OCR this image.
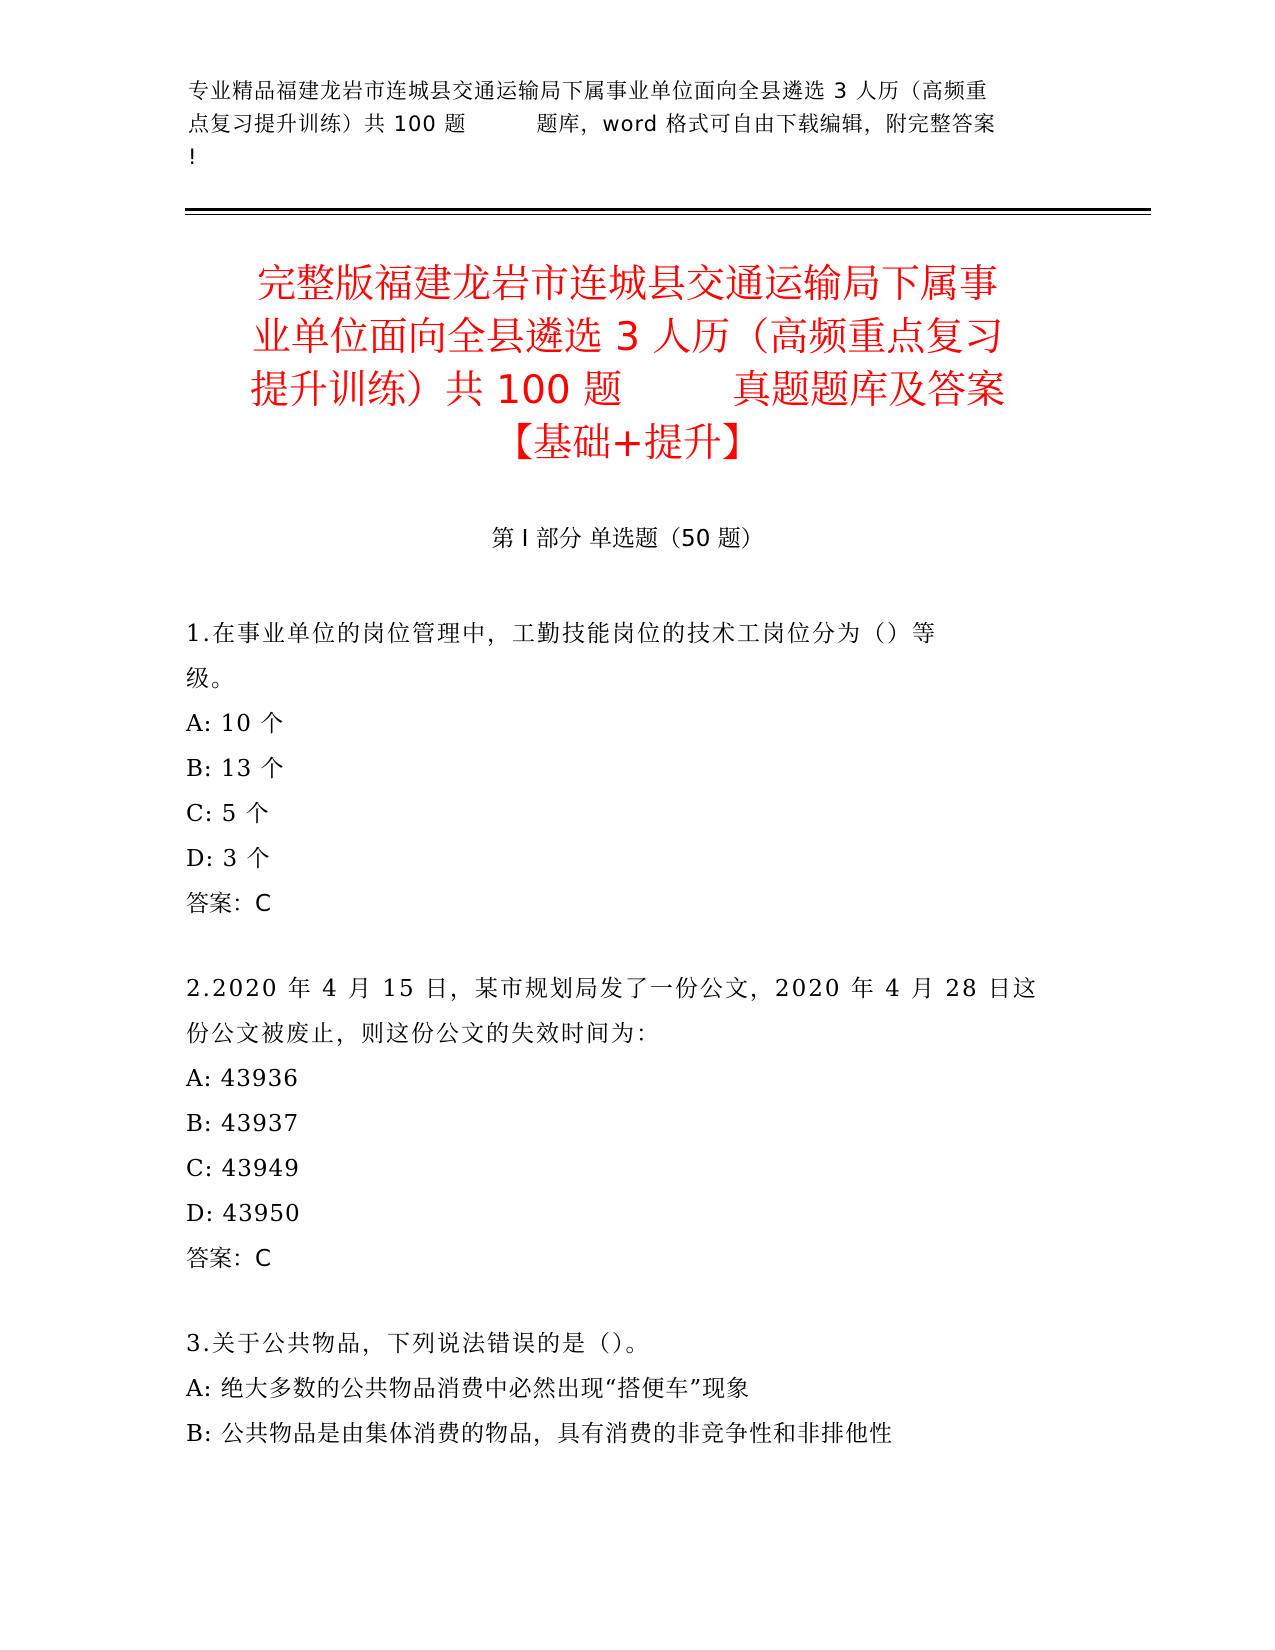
专业精品福建龙岩市连城县交通运输局下属事业单位面向全县遴选 3 人历（高频重
点复习提升训练）共 100 题	题库，word 格式可自由下载编辑，附完整答案
!
完整版福建龙岩市连城县交通运输局下属事
业单位面向全县遴选 3 人历（高频重点复习
提升训练）共 100 题	真题题库及答案
【基础+提升】
第 I 部分 单选题（50 题）
1.在事业单位的岗位管理中，工勤技能岗位的技术工岗位分为（）等
级。
A: 10 个
B: 13 个
C: 5 个
D: 3 个
答案：C
2.2020 年 4 月 15 日，某市规划局发了一份公文，2020 年 4 月 28 日这
份公文被废止，则这份公文的失效时间为：
A: 43936
B: 43937
C: 43949
D: 43950
答案：C
3.关于公共物品，下列说法错误的是（）。
A: 绝大多数的公共物品消费中必然出现“搭便车”现象
B: 公共物品是由集体消费的物品，具有消费的非竞争性和非排他性
